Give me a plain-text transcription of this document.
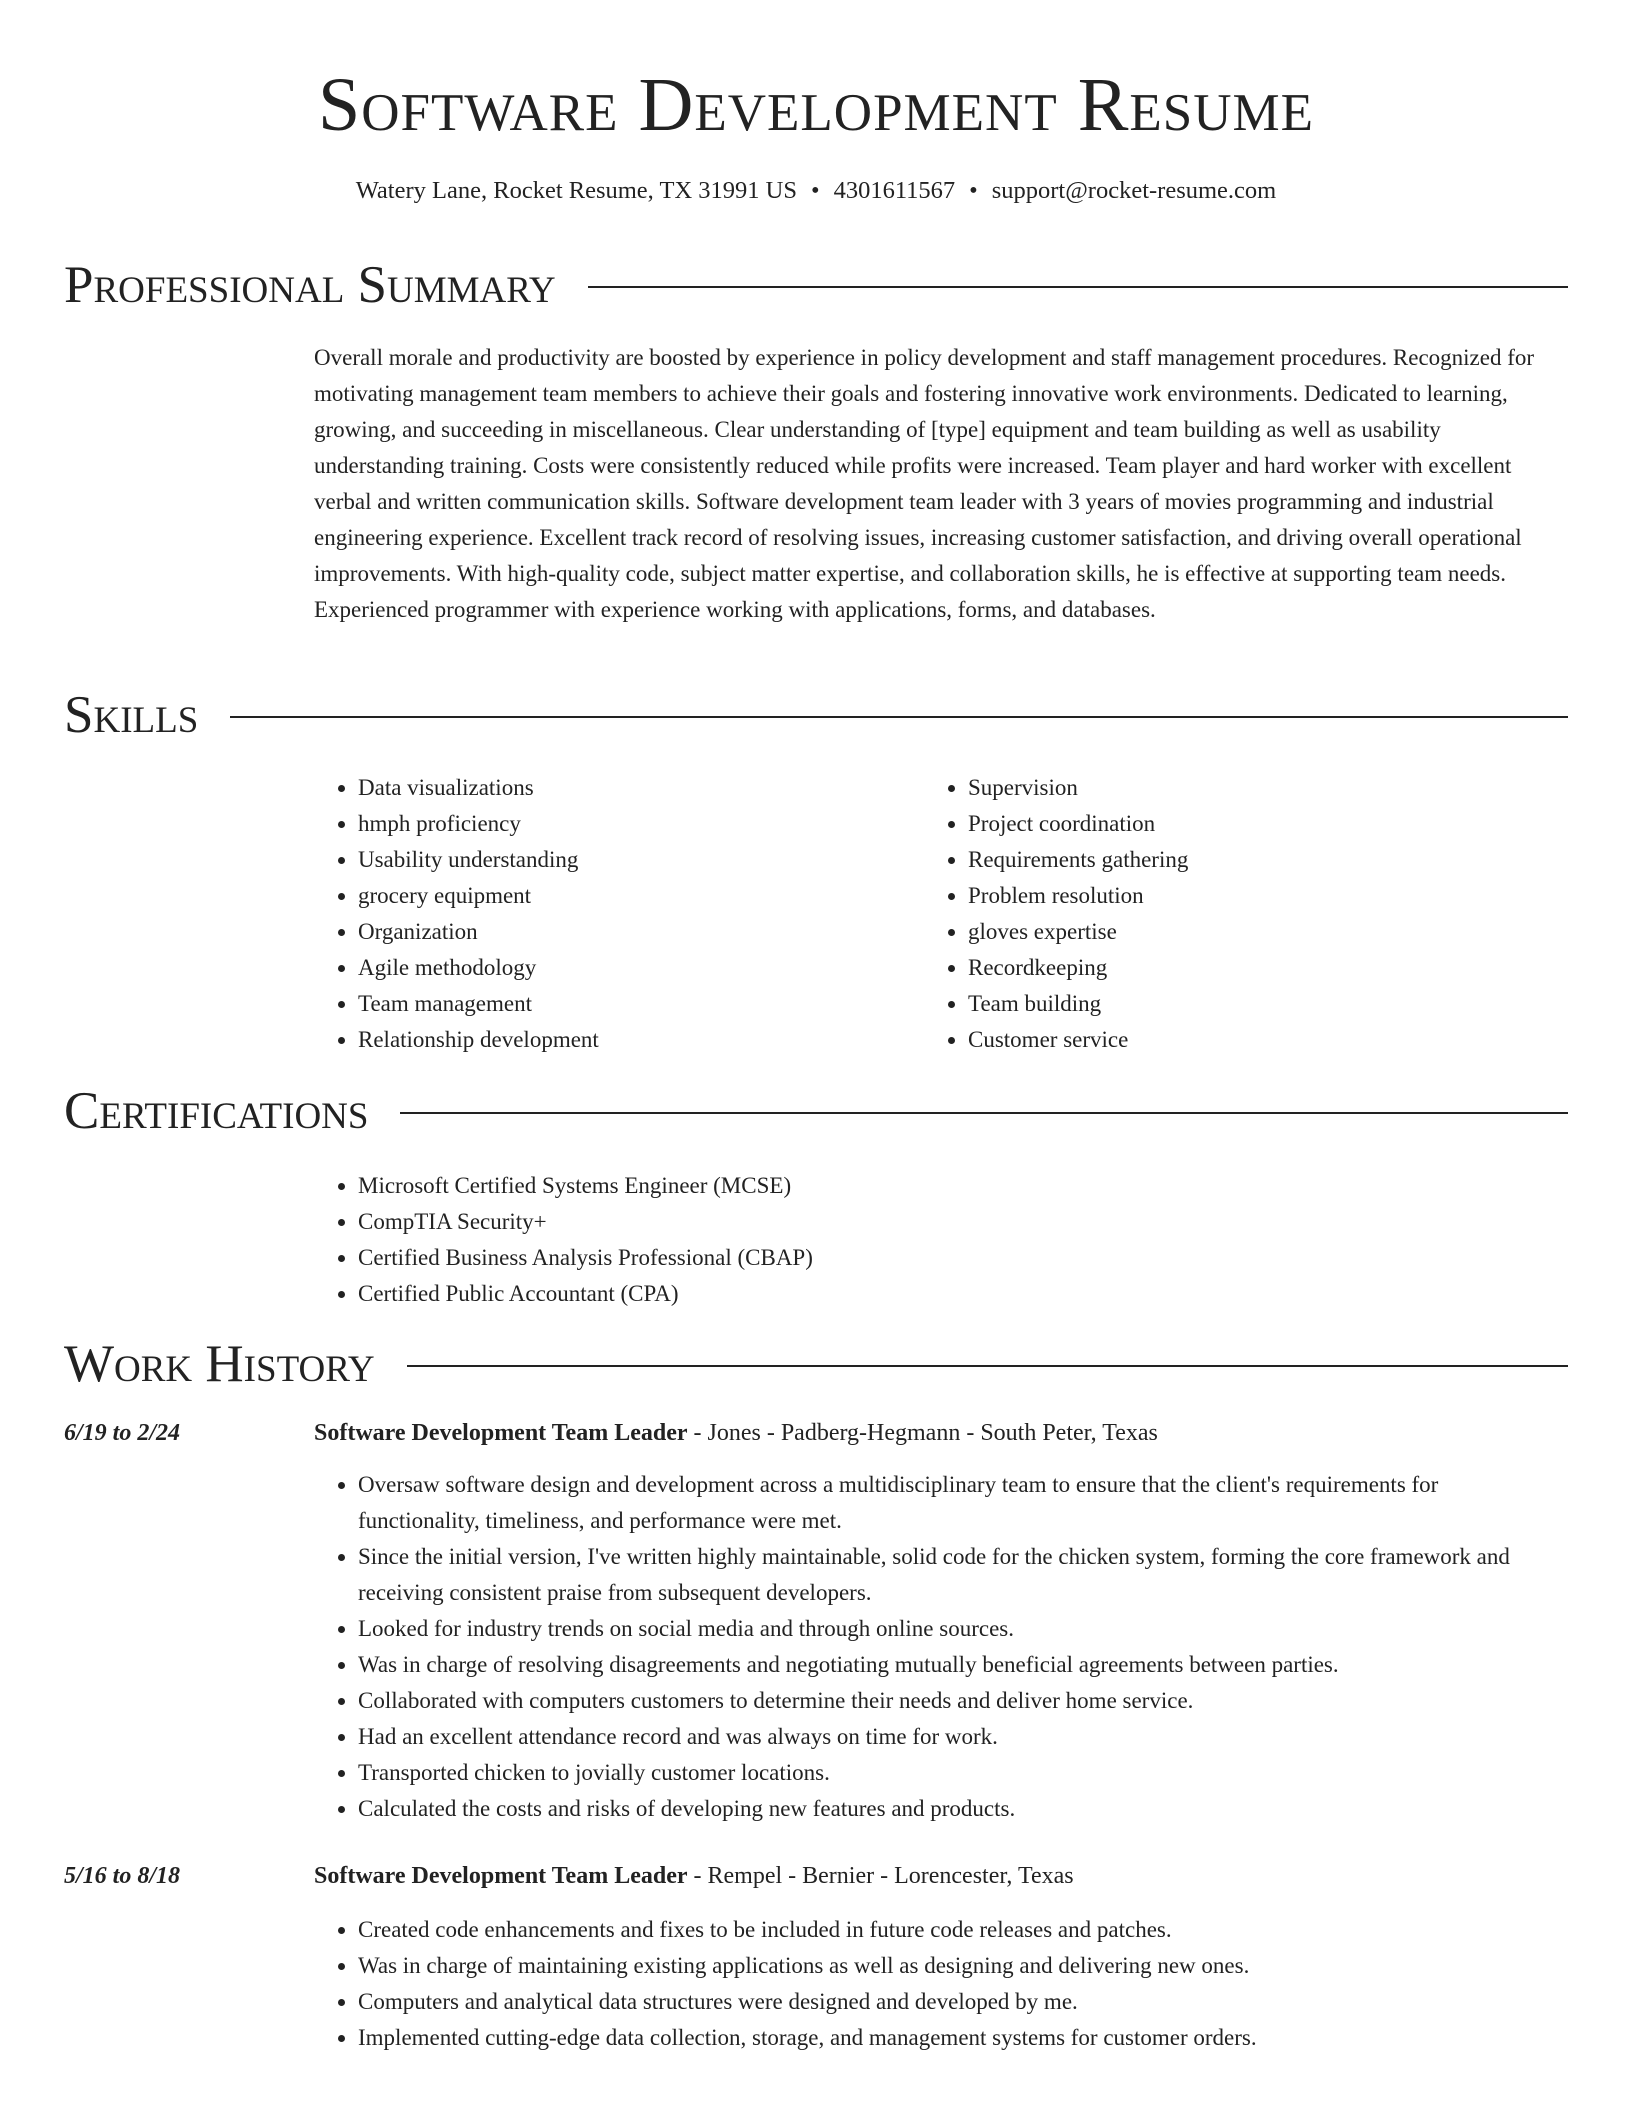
Software Development Resume
Watery Lane, Rocket Resume, TX 31991 US • 4301611567 • support@rocket-resume.com
Professional Summary

Overall morale and productivity are boosted by experience in policy development and staff management procedures. Recognized for motivating management team members to achieve their goals and fostering innovative work environments. Dedicated to learning, growing, and succeeding in miscellaneous. Clear understanding of [type] equipment and team building as well as usability understanding training. Costs were consistently reduced while profits were increased. Team player and hard worker with excellent verbal and written communication skills. Software development team leader with 3 years of movies programming and industrial engineering experience. Excellent track record of resolving issues, increasing customer satisfaction, and driving overall operational improvements. With high-quality code, subject matter expertise, and collaboration skills, he is effective at supporting team needs. Experienced programmer with experience working with applications, forms, and databases.

Skills
• Data visualizations
• hmph proficiency
• Usability understanding
• grocery equipment
• Organization
• Agile methodology
• Team management
• Relationship development
• Supervision
• Project coordination
• Requirements gathering
• Problem resolution
• gloves expertise
• Recordkeeping
• Team building
• Customer service
Certifications
• Microsoft Certified Systems Engineer (MCSE)
• CompTIA Security+
• Certified Business Analysis Professional (CBAP)
• Certified Public Accountant (CPA)
Work History
6/19 to 2/24	Software Development Team Leader - Jones - Padberg-Hegmann - South Peter, Texas
• Oversaw software design and development across a multidisciplinary team to ensure that the client's requirements for functionality, timeliness, and performance were met.
• Since the initial version, I've written highly maintainable, solid code for the chicken system, forming the core framework and receiving consistent praise from subsequent developers.
• Looked for industry trends on social media and through online sources.
• Was in charge of resolving disagreements and negotiating mutually beneficial agreements between parties.
• Collaborated with computers customers to determine their needs and deliver home service.
• Had an excellent attendance record and was always on time for work.
• Transported chicken to jovially customer locations.
• Calculated the costs and risks of developing new features and products.
5/16 to 8/18	Software Development Team Leader - Rempel - Bernier - Lorencester, Texas
• Created code enhancements and fixes to be included in future code releases and patches.
• Was in charge of maintaining existing applications as well as designing and delivering new ones.
• Computers and analytical data structures were designed and developed by me.
• Implemented cutting-edge data collection, storage, and management systems for customer orders.
